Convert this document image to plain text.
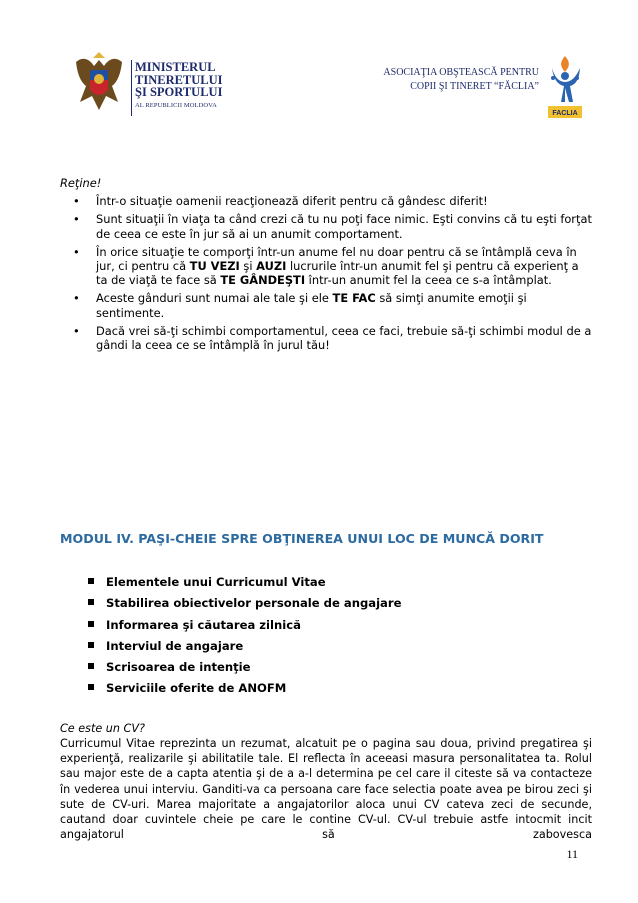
MINISTERUL
TINERETULUI
ŞI SPORTULUI
AL REPUBLICII MOLDOVA
ASOCIAŢIA OBŞTEASCĂ PENTRU
COPII ŞI TINERET “FĂCLIA”
FACLIA
Reţine!
• Într-o situaţie oamenii reacţionează diferit pentru că gândesc diferit!
• Sunt situaţii în viaţa ta când crezi că tu nu poţi face nimic. Eşti convins că tu eşti forţat de ceea ce este în jur să ai un anumit comportament.
• În orice situaţie te comporţi într-un anume fel nu doar pentru că se întâmplă ceva în jur, ci pentru că TU VEZI şi AUZI lucrurile într-un anumit fel şi pentru că experienţ a ta de viaţă te face să TE GÂNDEŞTI într-un anumit fel la ceea ce s-a întâmplat.
• Aceste gânduri sunt numai ale tale şi ele TE FAC să simţi anumite emoţii şi sentimente.
• Dacă vrei să-ţi schimbi comportamentul, ceea ce faci, trebuie să-ţi schimbi modul de a gândi la ceea ce se întâmplă în jurul tău!
MODUL IV. PAŞI-CHEIE SPRE OBŢINEREA UNUI LOC DE MUNCĂ DORIT
Elementele unui Curricumul Vitae
Stabilirea obiectivelor personale de angajare
Informarea şi căutarea zilnică
Interviul de angajare
Scrisoarea de intenţie
Serviciile oferite de ANOFM
Ce este un CV?
Curricumul Vitae reprezinta un rezumat, alcatuit pe o pagina sau doua, privind pregatirea şi experienţă, realizarile şi abilitatile tale. El reflecta în aceeasi masura personalitatea ta. Rolul sau major este de a capta atentia şi de a a-l determina pe cel care il citeste să va contacteze în vederea unui interviu. Ganditi-va ca persoana care face selectia poate avea pe birou zeci şi sute de CV-uri. Marea majoritate a angajatorilor aloca unui CV cateva zeci de secunde, cautand doar cuvintele cheie pe care le contine CV-ul. CV-ul trebuie astfe intocmit incit angajatorul să zabovesca
11
